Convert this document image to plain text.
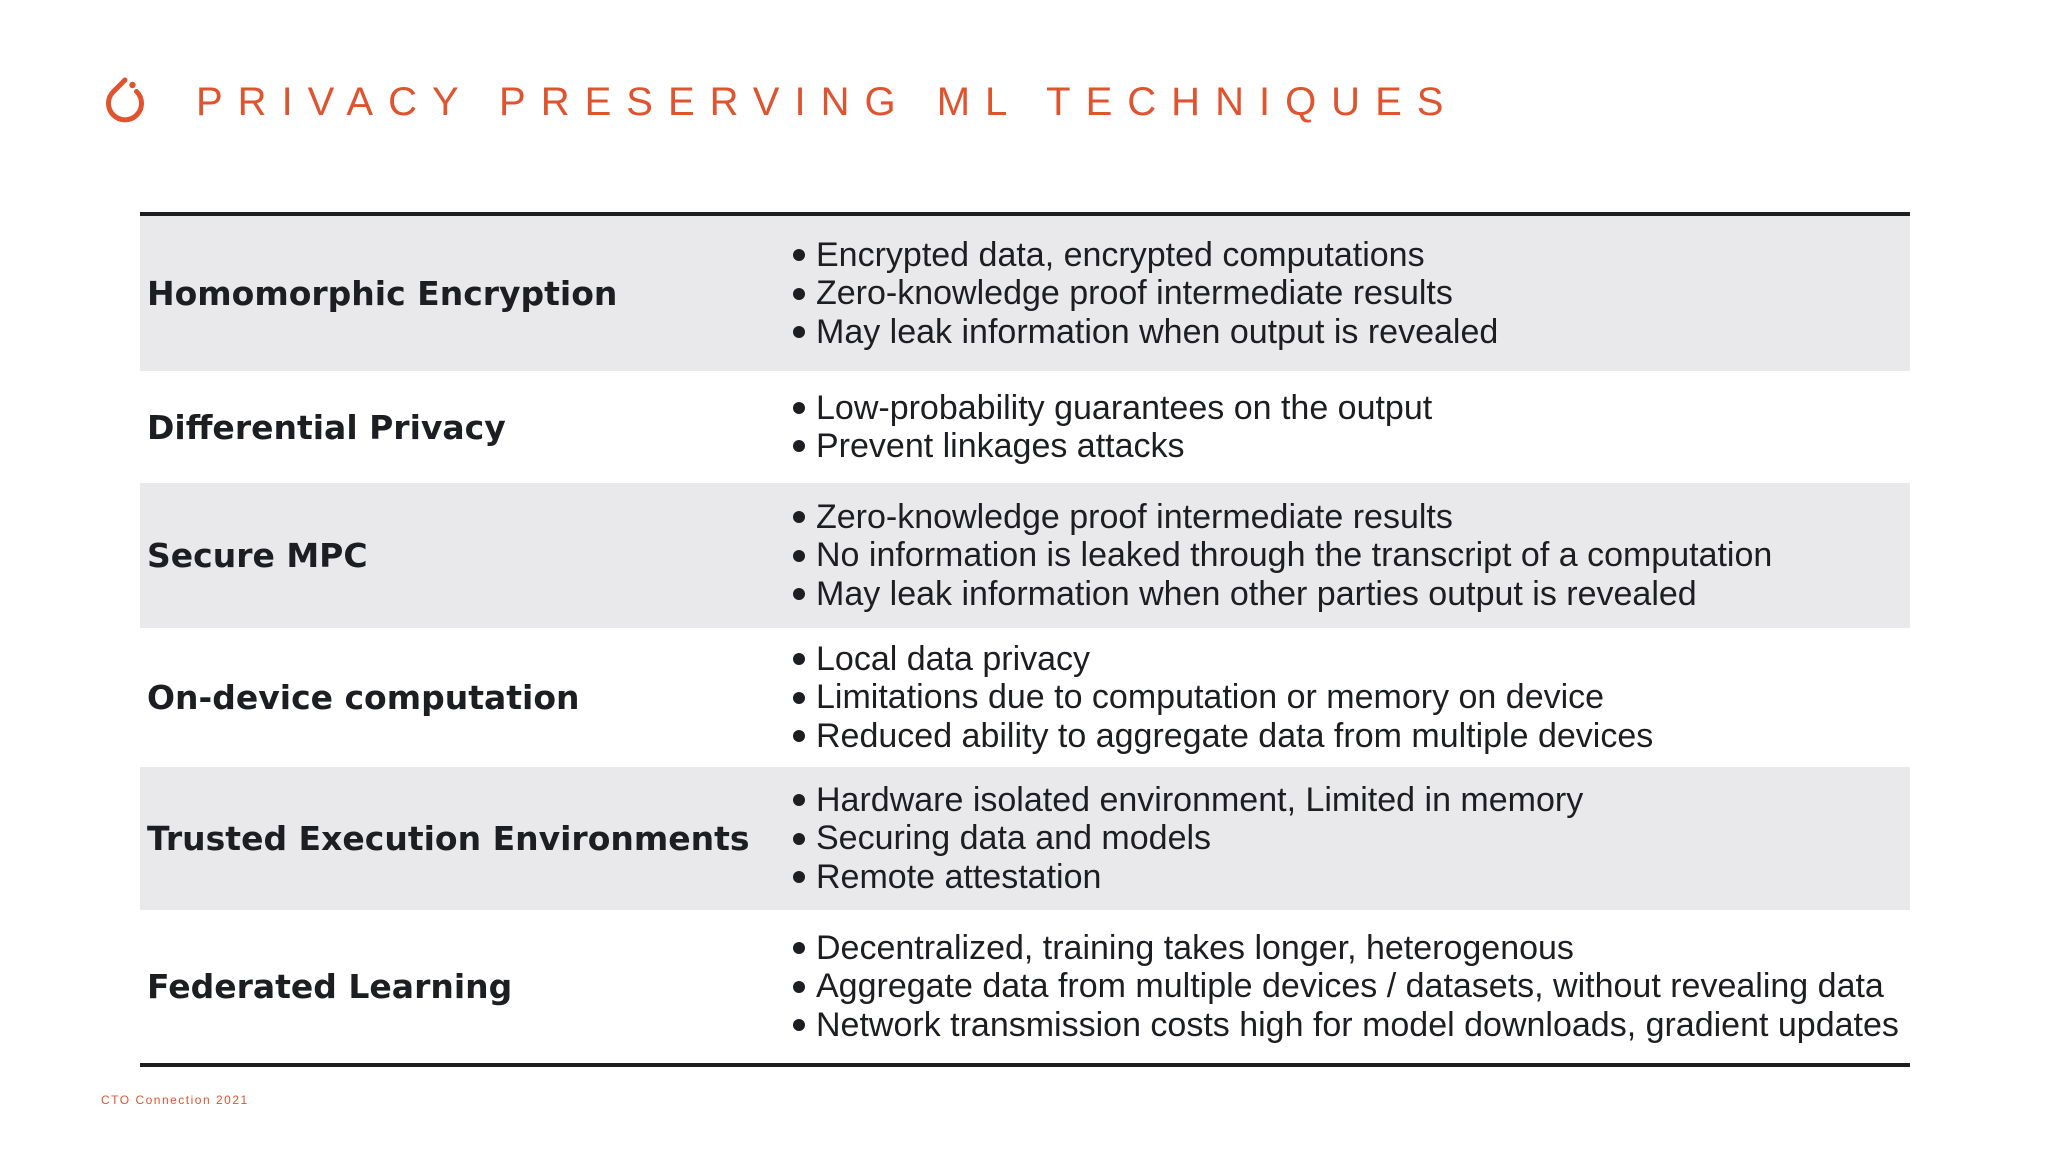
PRIVACY PRESERVING ML TECHNIQUES
Homomorphic Encryption
Encrypted data, encrypted computations
Zero-knowledge proof intermediate results
May leak information when output is revealed
Differential Privacy	Low-probability guarantees on the output
Prevent linkages attacks
Secure MPC
Zero-knowledge proof intermediate results
No information is leaked through the transcript of a computation
May leak information when other parties output is revealed
On-device computation
Local data privacy
Limitations due to computation or memory on device
Reduced ability to aggregate data from multiple devices
Trusted Execution Environments
Hardware isolated environment, Limited in memory
Securing data and models
Remote attestation
Federated Learning
Decentralized, training takes longer, heterogenous
Aggregate data from multiple devices / datasets, without revealing data
Network transmission costs high for model downloads, gradient updates
CTO Connection 2021
